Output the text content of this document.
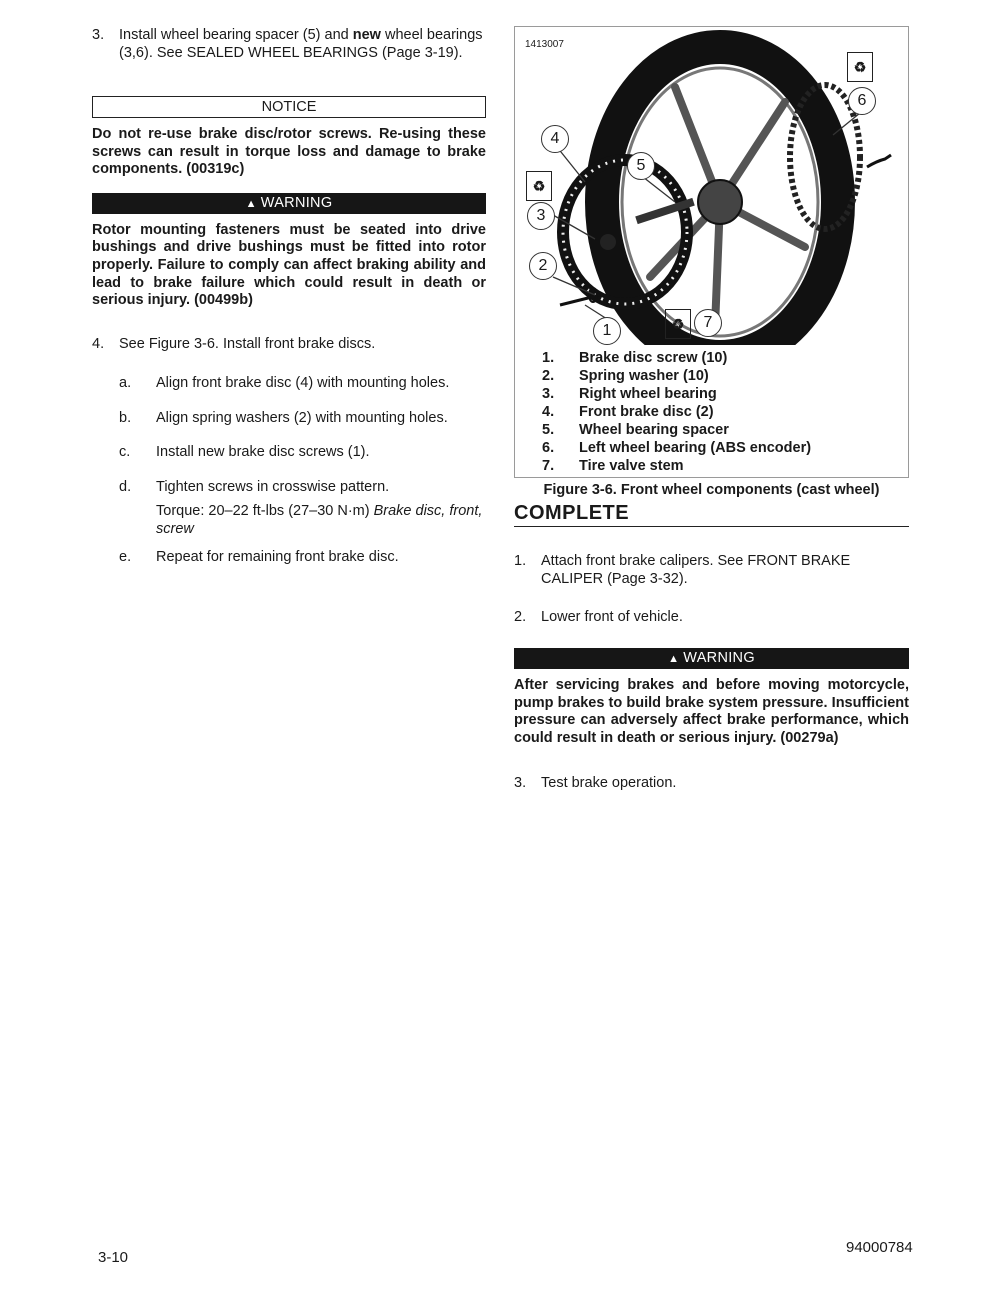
3.	Install wheel bearing spacer (5) and new wheel bearings (3,6). See SEALED WHEEL BEARINGS (Page 3-19).
NOTICE
Do not re-use brake disc/rotor screws. Re-using these screws can result in torque loss and damage to brake components. (00319c)
▲ WARNING
Rotor mounting fasteners must be seated into drive bushings and drive bushings must be fitted into rotor properly. Failure to comply can affect braking ability and lead to brake failure which could result in death or serious injury. (00499b)
4.	See Figure 3-6. Install front brake discs.
a.	Align front brake disc (4) with mounting holes.
b.	Align spring washers (2) with mounting holes.
c.	Install new brake disc screws (1).
d.	Tighten screws in crosswise pattern.
Torque: 20–22 ft-lbs (27–30 N·m) Brake disc, front, screw
e.	Repeat for remaining front brake disc.
1413007
4
5
3
2
1
6
7
♻
♻
♻
1.	Brake disc screw (10)
2.	Spring washer (10)
3.	Right wheel bearing
4.	Front brake disc (2)
5.	Wheel bearing spacer
6.	Left wheel bearing (ABS encoder)
7.	Tire valve stem
Figure 3-6. Front wheel components (cast wheel)
COMPLETE
1.	Attach front brake calipers. See FRONT BRAKE CALIPER (Page 3-32).
2.	Lower front of vehicle.
▲ WARNING
After servicing brakes and before moving motorcycle, pump brakes to build brake system pressure. Insufficient pressure can adversely affect brake performance, which could result in death or serious injury. (00279a)
3.	Test brake operation.
3-10
94000784
